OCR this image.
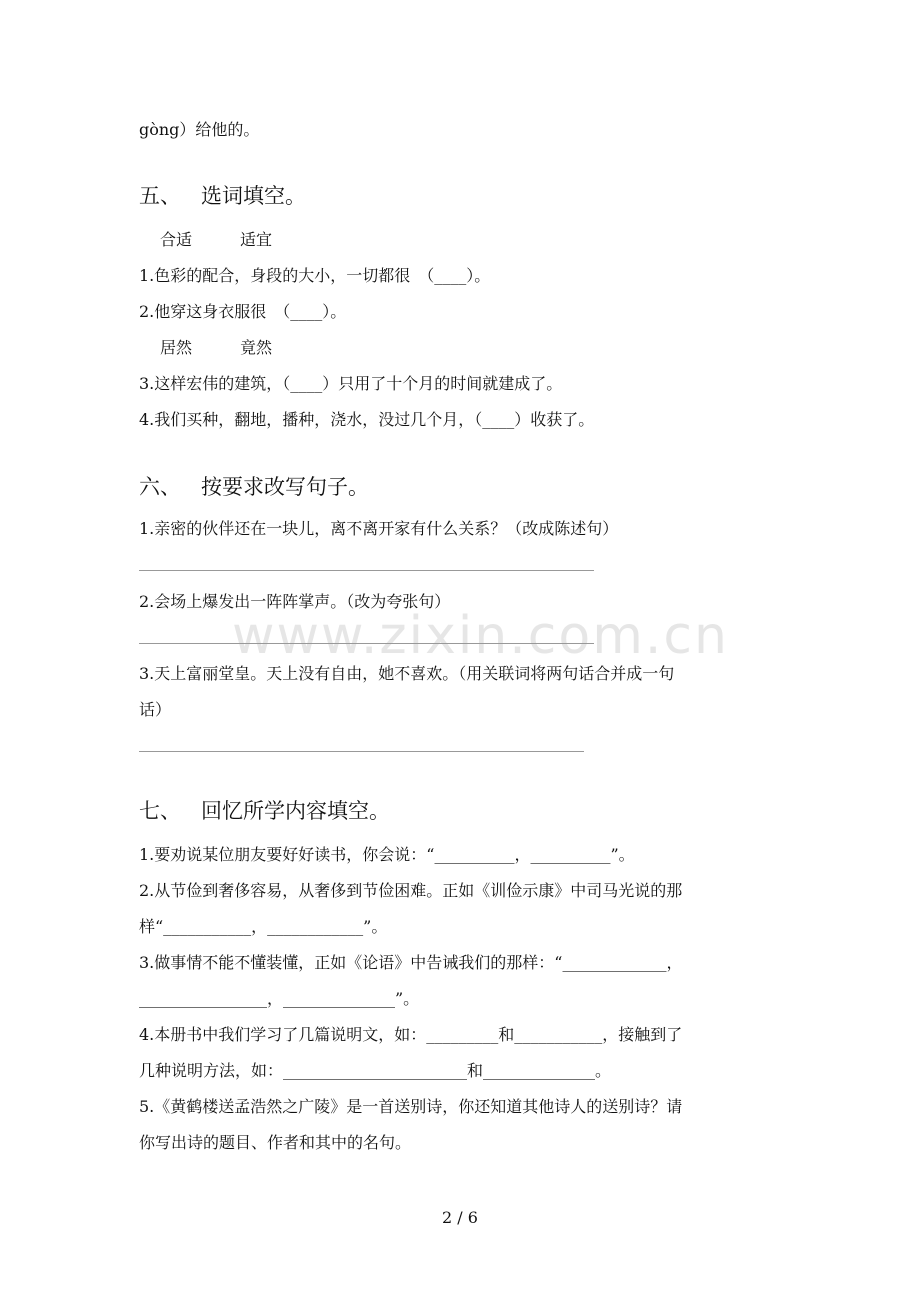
www.zixin.com.cn
gòng）给他的。
五、 选词填空。
合适　　　适宜
1.色彩的配合，身段的大小，一切都很　（____）。
2.他穿这身衣服很　（____）。
居然　　　竟然
3.这样宏伟的建筑，（____）只用了十个月的时间就建成了。
4.我们买种，翻地，播种，浇水，没过几个月，（____）收获了。
六、 按要求改写句子。
1.亲密的伙伴还在一块儿，离不离开家有什么关系？（改成陈述句）
2.会场上爆发出一阵阵掌声。（改为夸张句）
3.天上富丽堂皇。天上没有自由，她不喜欢。（用关联词将两句话合并成一句
话）
七、 回忆所学内容填空。
1.要劝说某位朋友要好好读书，你会说：“__________，__________”。
2.从节俭到奢侈容易，从奢侈到节俭困难。正如《训俭示康》中司马光说的那
样“___________，____________”。
3.做事情不能不懂装懂，正如《论语》中告诫我们的那样：“_____________，
________________，______________”。
4.本册书中我们学习了几篇说明文，如：_________和___________，接触到了
几种说明方法，如：_______________________和______________。
5.《黄鹤楼送孟浩然之广陵》是一首送别诗，你还知道其他诗人的送别诗？请
你写出诗的题目、作者和其中的名句。
2 / 6
